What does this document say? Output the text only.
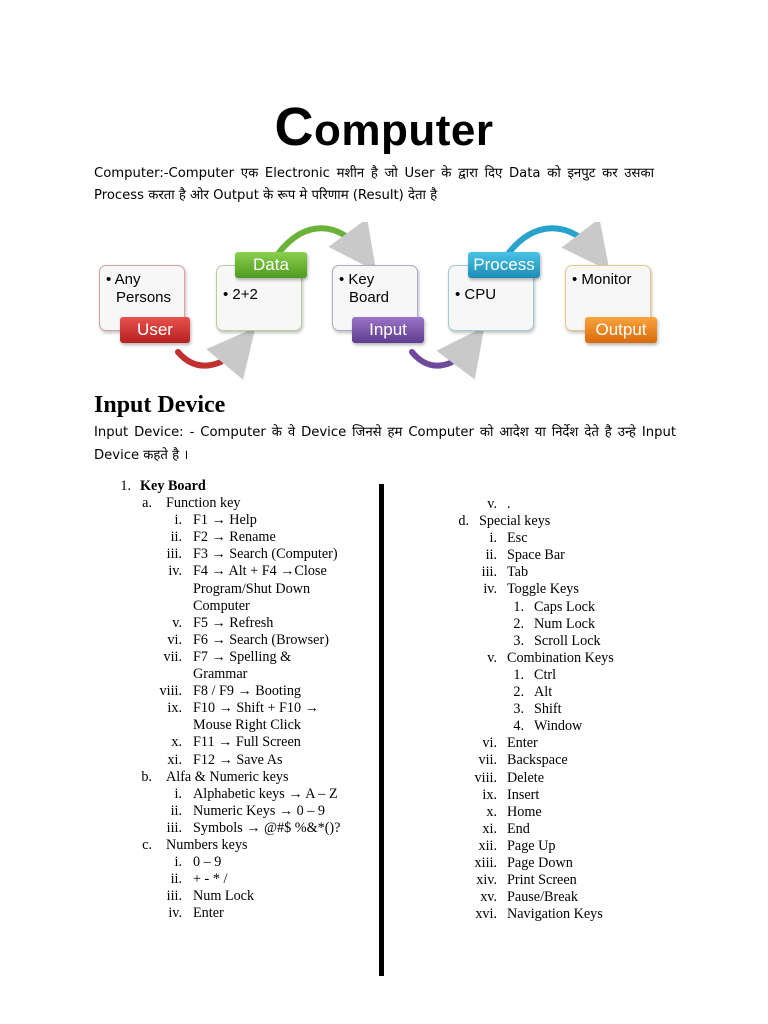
Computer
Computer:-Computer एक Electronic मशीन है जो User के द्वारा दिए Data को इनपुट कर उसका Process करता है ओर Output के रूप मे परिणाम (Result) देता है
• Any Persons	• 2+2
• Key Board	• CPU
• Monitor
User
Data
Input
Process
Output
Input Device
Input Device: - Computer के वे Device जिनसे हम Computer को आदेश या निर्देश देते है उन्हे Input Device कहते है ।
1. Key Board
a. Function key
i. F1 → Help
ii. F2 → Rename
iii. F3 → Search (Computer)
iv. F4 → Alt + F4 →Close
Program/Shut Down
Computer
v. F5 → Refresh
vi. F6 → Search (Browser)
vii. F7 → Spelling &
Grammar
viii. F8 / F9 → Booting
ix. F10 → Shift + F10 →
Mouse Right Click
x. F11 → Full Screen
xi. F12 → Save As
b. Alfa & Numeric keys
i. Alphabetic keys → A – Z
ii. Numeric Keys → 0 – 9
iii. Symbols → @#$ %&*()?
c. Numbers keys
i. 0 – 9
ii. + - * /
iii. Num Lock
iv. Enter
v. .
d. Special keys
i. Esc
ii. Space Bar
iii. Tab
iv. Toggle Keys
1. Caps Lock
2. Num Lock
3. Scroll Lock
v. Combination Keys
1. Ctrl
2. Alt
3. Shift
4. Window
vi. Enter
vii. Backspace
viii. Delete
ix. Insert
x. Home
xi. End
xii. Page Up
xiii. Page Down
xiv. Print Screen
xv. Pause/Break
xvi. Navigation Keys
